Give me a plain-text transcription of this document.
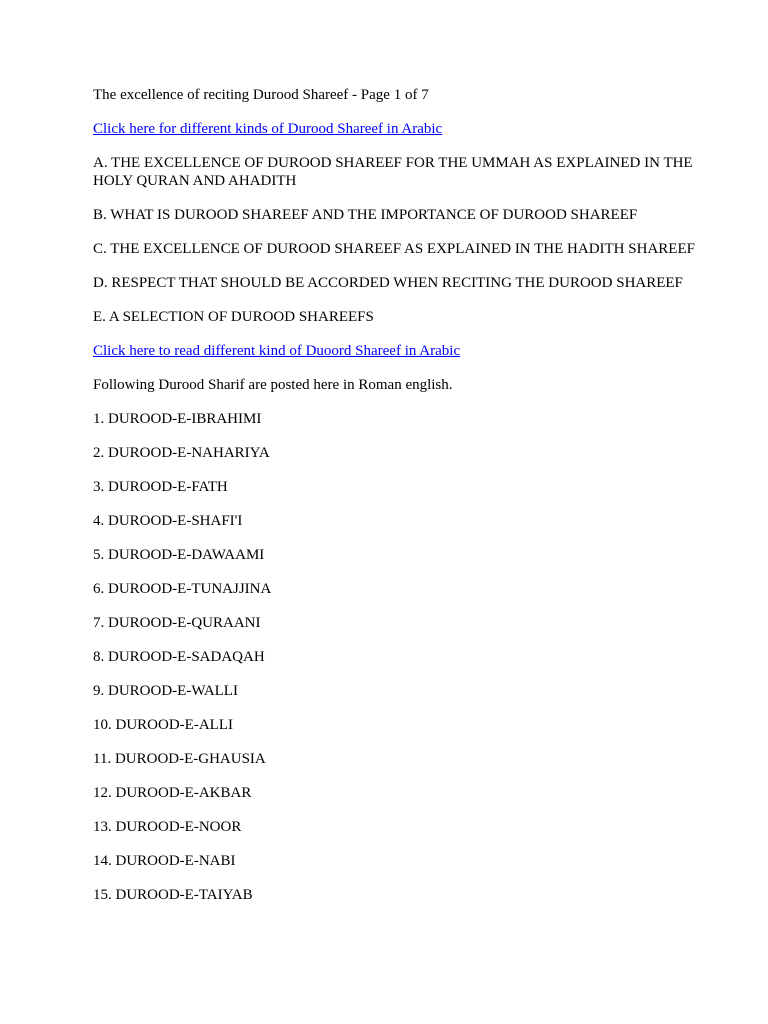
The excellence of reciting Durood Shareef - Page 1 of 7

Click here for different kinds of Durood Shareef in Arabic

A. THE EXCELLENCE OF DUROOD SHAREEF FOR THE UMMAH AS EXPLAINED IN THE HOLY QURAN AND AHADITH

B. WHAT IS DUROOD SHAREEF AND THE IMPORTANCE OF DUROOD SHAREEF

C. THE EXCELLENCE OF DUROOD SHAREEF AS EXPLAINED IN THE HADITH SHAREEF

D. RESPECT THAT SHOULD BE ACCORDED WHEN RECITING THE DUROOD SHAREEF

E. A SELECTION OF DUROOD SHAREEFS

Click here to read different kind of Duoord Shareef in Arabic

Following Durood Sharif are posted here in Roman english.

1. DUROOD-E-IBRAHIMI
2. DUROOD-E-NAHARIYA
3. DUROOD-E-FATH
4. DUROOD-E-SHAFI'I
5. DUROOD-E-DAWAAMI
6. DUROOD-E-TUNAJJINA
7. DUROOD-E-QURAANI
8. DUROOD-E-SADAQAH
9. DUROOD-E-WALLI
10. DUROOD-E-ALLI
11. DUROOD-E-GHAUSIA
12. DUROOD-E-AKBAR
13. DUROOD-E-NOOR
14. DUROOD-E-NABI
15. DUROOD-E-TAIYAB
